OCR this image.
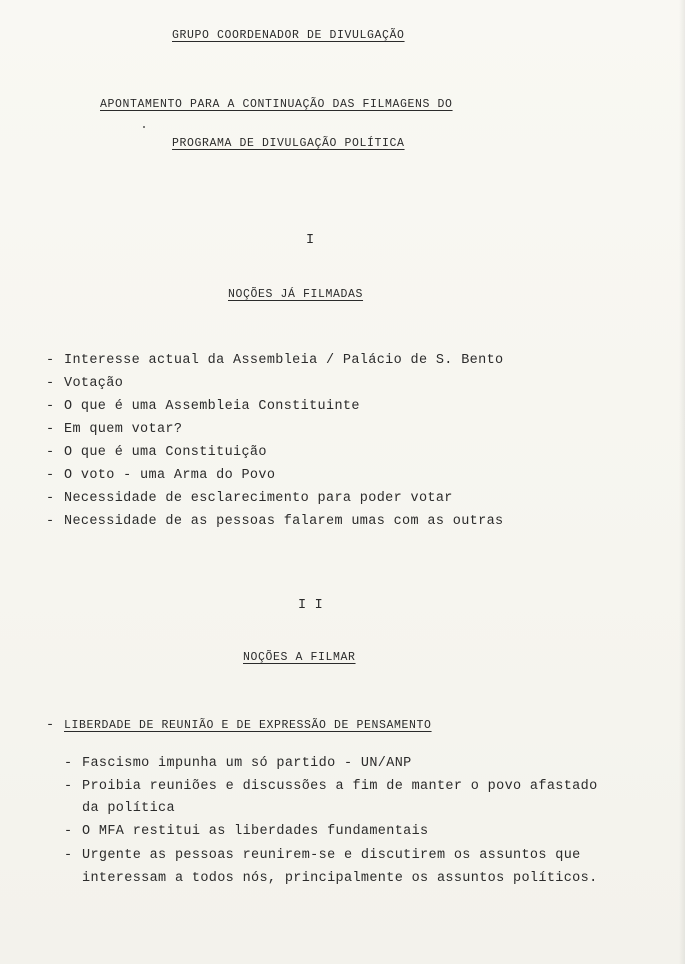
GRUPO COORDENADOR DE DIVULGAÇÃO
APONTAMENTO PARA A CONTINUAÇÃO DAS FILMAGENS DO
PROGRAMA DE DIVULGAÇÃO POLÍTICA
I
NOÇÕES JÁ FILMADAS
- Interesse actual da Assembleia / Palácio de S. Bento
- Votação
- O que é uma Assembleia Constituinte
- Em quem votar?
- O que é uma Constituição
- O voto - uma Arma do Povo
- Necessidade de esclarecimento para poder votar
- Necessidade de as pessoas falarem umas com as outras
I I
NOÇÕES A FILMAR
- LIBERDADE DE REUNIÃO E DE EXPRESSÃO DE PENSAMENTO
- Fascismo impunha um só partido - UN/ANP
- Proibia reuniões e discussões a fim de manter o povo afastado
da política
- O MFA restitui as liberdades fundamentais
- Urgente as pessoas reunirem-se e discutirem os assuntos que
interessam a todos nós, principalmente os assuntos políticos.
